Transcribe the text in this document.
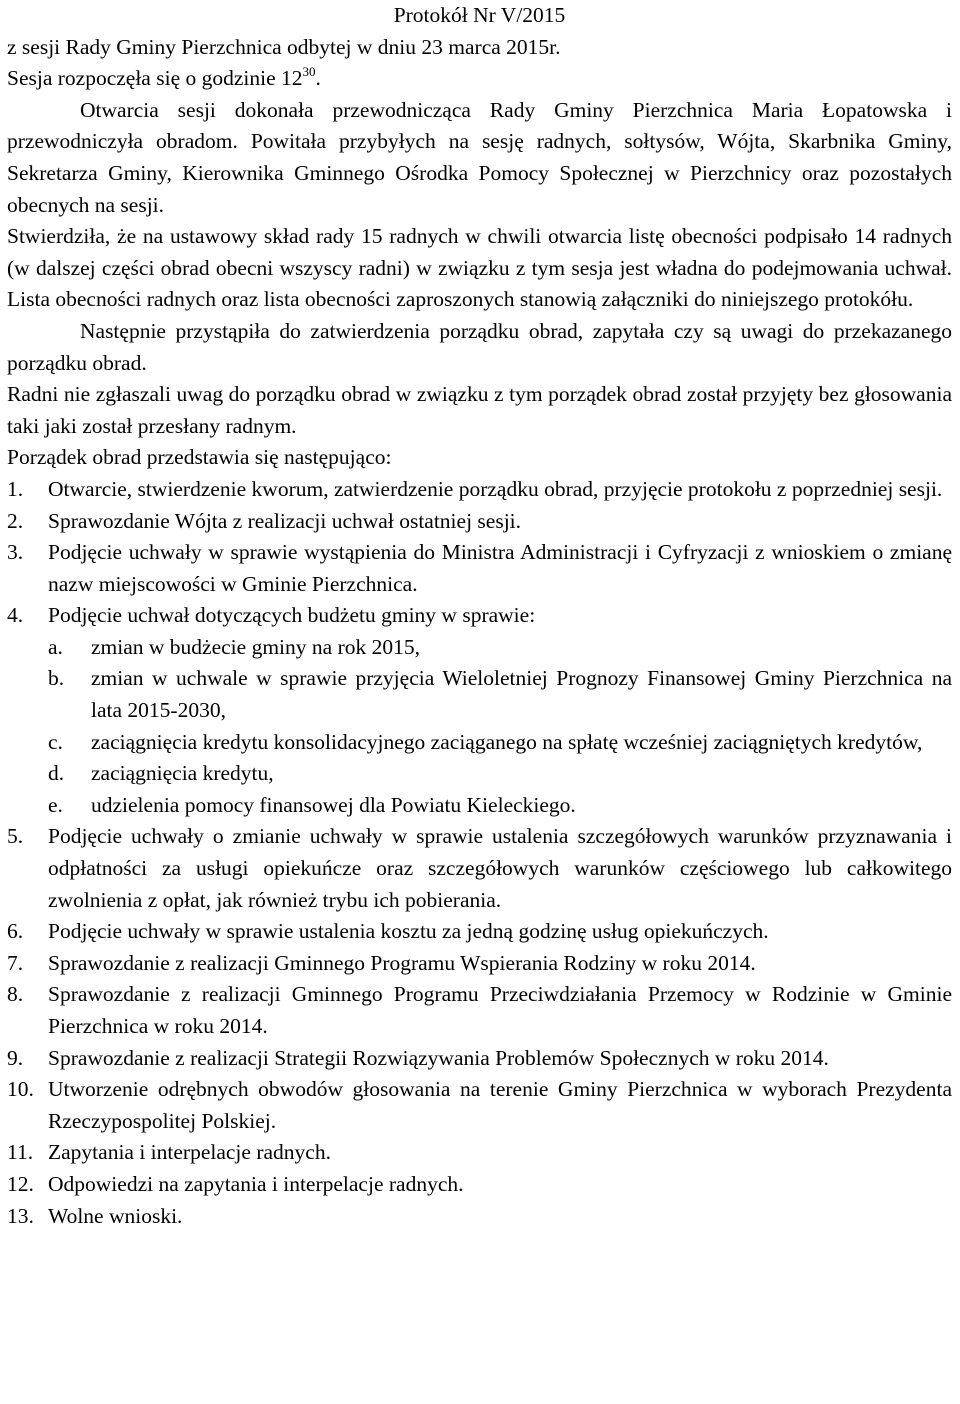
Protokół Nr V/2015

z sesji Rady Gminy Pierzchnica odbytej w dniu 23 marca 2015r.

Sesja rozpoczęła się o godzinie $12^{30}$.

Otwarcia sesji dokonała przewodnicząca Rady Gminy Pierzchnica Maria Łopatowska i przewodniczyła obradom. Powitała przybyłych na sesję radnych, sołtysów, Wójta, Skarbnika Gminy, Sekretarza Gminy, Kierownika Gminnego Ośrodka Pomocy Społecznej w Pierzchnicy oraz pozostałych obecnych na sesji.

Stwierdziła, że na ustawowy skład rady 15 radnych w chwili otwarcia listę obecności podpisało 14 radnych (w dalszej części obrad obecni wszyscy radni) w związku z tym sesja jest władna do podejmowania uchwał. Lista obecności radnych oraz lista obecności zaproszonych stanowią załączniki do niniejszego protokółu.

Następnie przystąpiła do zatwierdzenia porządku obrad, zapytała czy są uwagi do przekazanego porządku obrad.

Radni nie zgłaszali uwag do porządku obrad w związku z tym porządek obrad został przyjęty bez głosowania taki jaki został przesłany radnym.

Porządek obrad przedstawia się następująco:

1.	Otwarcie, stwierdzenie kworum, zatwierdzenie porządku obrad, przyjęcie protokołu z poprzedniej sesji.
2.	Sprawozdanie Wójta z realizacji uchwał ostatniej sesji.
3.	Podjęcie uchwały w sprawie wystąpienia do Ministra Administracji i Cyfryzacji z wnioskiem o zmianę nazw miejscowości w Gminie Pierzchnica.
4.	Podjęcie uchwał dotyczących budżetu gminy w sprawie:
a.	zmian w budżecie gminy na rok 2015,
b.	zmian w uchwale w sprawie przyjęcia Wieloletniej Prognozy Finansowej Gminy Pierzchnica na lata 2015-2030,
c.	zaciągnięcia kredytu konsolidacyjnego zaciąganego na spłatę wcześniej zaciągniętych kredytów,
d.	zaciągnięcia kredytu,
e.	udzielenia pomocy finansowej dla Powiatu Kieleckiego.
5.	Podjęcie uchwały o zmianie uchwały w sprawie ustalenia szczegółowych warunków przyznawania i odpłatności za usługi opiekuńcze oraz szczegółowych warunków częściowego lub całkowitego zwolnienia z opłat, jak również trybu ich pobierania.
6.	Podjęcie uchwały w sprawie ustalenia kosztu za jedną godzinę usług opiekuńczych.
7.	Sprawozdanie z realizacji Gminnego Programu Wspierania Rodziny w roku 2014.
8.	Sprawozdanie z realizacji Gminnego Programu Przeciwdziałania Przemocy w Rodzinie w Gminie Pierzchnica w roku 2014.
9.	Sprawozdanie z realizacji Strategii Rozwiązywania Problemów Społecznych w roku 2014.
10. Utworzenie odrębnych obwodów głosowania na terenie Gminy Pierzchnica w wyborach Prezydenta Rzeczypospolitej Polskiej.
11. Zapytania i interpelacje radnych.
12. Odpowiedzi na zapytania i interpelacje radnych.
13. Wolne wnioski.
